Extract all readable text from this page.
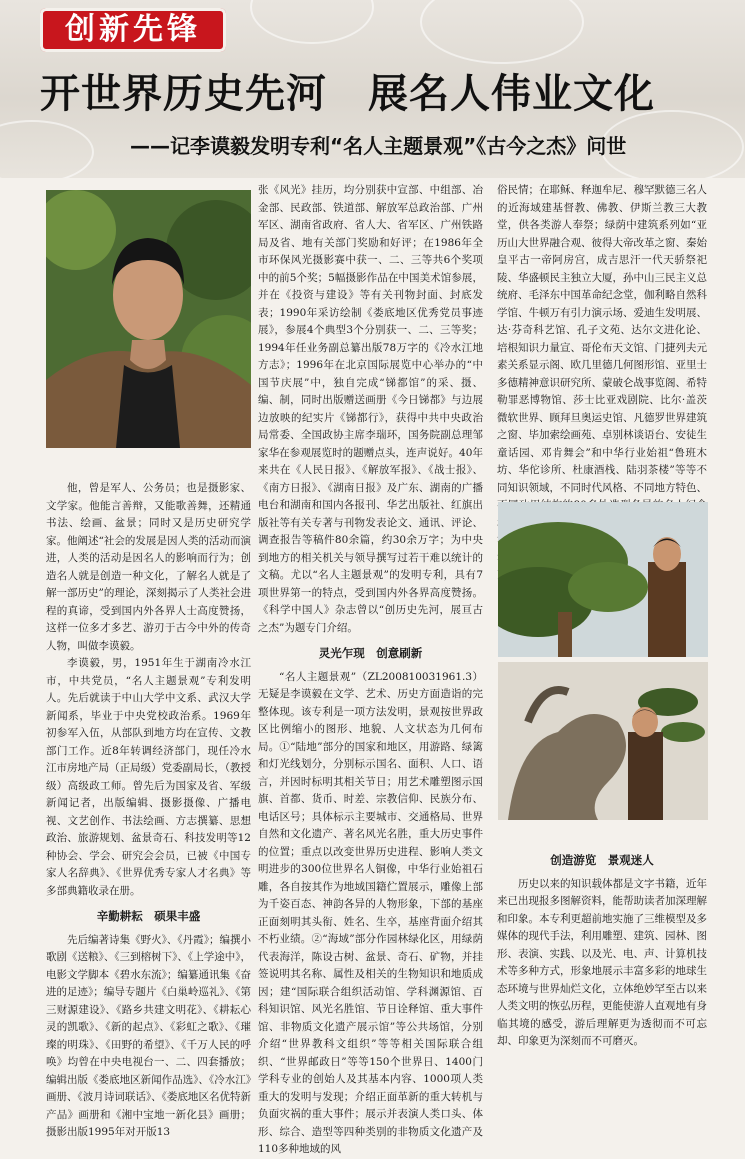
创新先锋
开世界历史先河　展名人伟业文化
——记李谟毅发明专利“名人主题景观”《古今之杰》问世

他，曾是军人、公务员；也是摄影家、文学家。他能言善辩，又能歌善舞，还精通书法、绘画、盆景；同时又是历史研究学家。他阐述“社会的发展是因人类的活动而演进，人类的活动是因名人的影响而行为；创造名人就是创造一种文化，了解名人就是了解一部历史”的理论，深刻揭示了人类社会进程的真谛，受到国内外各界人士高度赞扬，这样一位多才多艺、游刃于古今中外的传奇人物，叫做李谟毅。

李谟毅，男，1951年生于湖南冷水江市，中共党员，“名人主题景观”专利发明人。先后就读于中山大学中文系、武汉大学新闻系，毕业于中央党校政治系。1969年初参军入伍，从部队到地方均在宣传、文教部门工作。近8年转调经济部门，现任冷水江市房地产局（正局级）党委副局长，（教授级）高级政工师。曾先后为国家及省、军级新闻记者，出版编辑、摄影摄像、广播电视、文艺创作、书法绘画、方志撰纂、思想政治、旅游规划、盆景奇石、科技发明等12种协会、学会、研究会会员，已被《中国专家人名辞典》、《世界优秀专家人才名典》等多部典籍收录在册。

辛勤耕耘　硕果丰盛

先后编著诗集《野火》、《丹霞》；编撰小歌剧《送粮》、《三到榕树下》、《上学途中》，电影文学脚本《碧水东流》；编纂通讯集《奋进的足迹》；编导专题片《白巢岭巡礼》、《第三财源建设》、《路乡共建文明花》、《耕耘心灵的凯歌》、《新的起点》、《彩虹之歌》、《璀璨的明珠》、《田野的希望》、《千万人民的呼唤》均曾在中央电视台一、二、四套播放；编辑出版《娄底地区新闻作品选》、《冷水江》画册、《波月诗词联话》、《娄底地区名优特新产品》画册和《湘中宝地一新化县》画册；摄影出版1995年对开版13

张《风光》挂历，均分别获中宣部、中组部、冶金部、民政部、铁道部、解放军总政治部、广州军区、湖南省政府、省人大、省军区、广州铁路局及省、地有关部门奖励和好评；在1986年全市环保风光摄影赛中获一、二、三等共6个奖项中的前5个奖；5幅摄影作品在中国美术馆参展，并在《投资与建设》等有关刊物封面、封底发表；1990年采访绘制《娄底地区优秀党员事迹展》，参展4个典型3个分别获一、二、三等奖；1994年任业务副总纂出版78万字的《冷水江地方志》；1996年在北京国际展览中心举办的“中国节庆展”中，独自完成“锑都馆”的采、摄、编、制，同时出版赠送画册《今日锑都》与边展边放映的纪实片《锑都行》，获得中共中央政治局常委、全国政协主席李瑞环，国务院副总理邹家华在参观展览时的题赠点头，连声说好。40年来共在《人民日报》、《解放军报》、《战士报》、《南方日报》、《湖南日报》及广东、湖南的广播电台和湖南和国内各报刊、华艺出版社、红旗出版社等有关专著与刊物发表论文、通讯、评论、调查报告等稿件80余篇，约30余万字；为中央到地方的相关机关与领导撰写过若干难以统计的文稿。尤以“名人主题景观”的发明专利，具有7项世界第一的特点，受到国内外各界高度赞扬。《科学中国人》杂志曾以“创历史先河，展亘古之杰”为题专门介绍。

灵光乍现　创意刷新

“名人主题景观”（ZL200810031961.3）无疑是李谟毅在文学、艺术、历史方面造诣的完整体现。该专利是一项方法发明，景观按世界政区比例缩小的图形、地貌、人文状态为几何布局。①“陆地”部分的国家和地区，用游路、绿篱和灯光线划分，分别标示国名、面积、人口、语言，并因时标明其相关节日；用艺术雕塑图示国旗、首都、货币、时差、宗教信仰、民族分布、电话区号；具体标示主要城市、交通格局、世界自然和文化遗产、著名风光名胜，重大历史事件的位置；重点以改变世界历史进程、影响人类文明进步的300位世界名人铜像，中华行业始祖石雕，各自按其作为地域国籍伫置展示，雕像上部为千姿百态、神韵各异的人物形象，下部的基座正面刻明其头衔、姓名、生卒，基座背面介绍其不朽业绩。②“海域”部分作园林绿化区，用绿荫代表海洋，陈设古树、盆景、奇石、矿物，并挂签说明其名称、属性及相关的生物知识和地质成因；建“国际联合组织活动馆、学科渊源馆、百科知识馆、风光名胜馆、节日诠释馆、重大事件馆、非物质文化遗产展示馆”等公共场馆，分别介绍“世界教科文组织”等等相关国际联合组织、“世界邮政日”等等150个世界日、1400门学科专业的创始人及其基本内容、1000项人类重大的发明与发现；介绍正面革新的重大转机与负面灾祸的重大事件；展示并表演人类口头、体形、综合、造型等四种类别的非物质文化遗产及110多种地域的风

俗民情；在耶稣、释迦牟尼、穆罕默德三名人的近海域建基督教、佛教、伊斯兰教三大教堂，供各类游人奉祭；绿荫中建筑系列如“亚历山大世界融合观、彼得大帝改革之窗、秦始皇平古一帝阿房宫，成吉思汗一代天骄祭祀陵、华盛顿民主独立大厦，孙中山三民主义总统府、毛泽东中国革命纪念堂，伽利略自然科学馆、牛顿万有引力演示场、爱迪生发明展、达·芬奇科艺馆、孔子文苑、达尔文进化论、培根知识力量宣、哥伦布天文馆、门捷列夫元素关系显示阁、欧几里德几何图形馆、亚里士多德精神意识研究所、蒙破仑战事览阁、希特勒罪恶博物馆、莎士比亚戏剧院、比尔·盖茨微软世界、顾拜旦奥运史馆、凡德罗世界建筑之窗、毕加索绘画苑、卓别林谈语台、安徒生童话园、邓肯舞会”和中华行业始祖“鲁班木坊、华佗诊所、杜康酒栈、陆羽茶楼”等等不同知识领域，不同时代风格、不同地方特色、

创造游览　景观迷人

历史以来的知识载体都是文字书籍，近年来已出现报多图解资料，能帮助读者加深理解和印象。本专利更超前地实施了三维模型及多媒体的现代手法，利用雕塑、建筑、园林、图形、表演、实践、以及光、电、声、计算机技术等多种方式，形象地展示丰富多彩的地球生态环境与世界灿烂文化，立体绝妙罕至古以来人类文明的恢弘历程，更能使游人直观地有身临其境的感受，游后理解更为透彻而不可忘却、印象更为深刻而不可磨灭。
